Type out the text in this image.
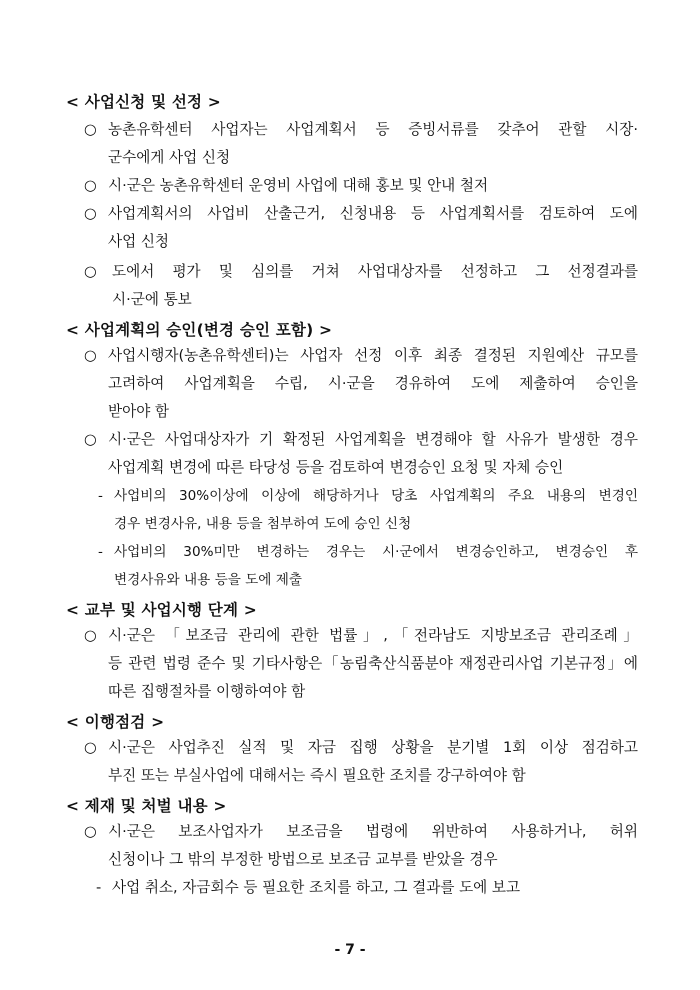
< 사업신청 및 선정 >
○ 농촌유학센터 사업자는 사업계획서 등 증빙서류를 갖추어 관할 시장·
군수에게 사업 신청
○ 시·군은 농촌유학센터 운영비 사업에 대해 홍보 및 안내 철저
○ 사업계획서의 사업비 산출근거, 신청내용 등 사업계획서를 검토하여 도에
사업 신청
○ 도에서 평가 및 심의를 거쳐 사업대상자를 선정하고 그 선정결과를
시·군에 통보
< 사업계획의 승인(변경 승인 포함) >
○ 사업시행자(농촌유학센터)는 사업자 선정 이후 최종 결정된 지원예산 규모를
고려하여 사업계획을 수립, 시·군을 경유하여 도에 제출하여 승인을
받아야 함
○ 시·군은 사업대상자가 기 확정된 사업계획을 변경해야 할 사유가 발생한 경우
사업계획 변경에 따른 타당성 등을 검토하여 변경승인 요청 및 자체 승인
- 사업비의 30%이상에 이상에 해당하거나 당초 사업계획의 주요 내용의 변경인
경우 변경사유, 내용 등을 첨부하여 도에 승인 신청
- 사업비의 30%미만 변경하는 경우는 시·군에서 변경승인하고, 변경승인 후
변경사유와 내용 등을 도에 제출
< 교부 및 사업시행 단계 >
○ 시·군은 「보조금 관리에 관한 법률」,「전라남도 지방보조금 관리조례」
등 관련 법령 준수 및 기타사항은「농림축산식품분야 재정관리사업 기본규정」에
따른 집행절차를 이행하여야 함
< 이행점검 >
○ 시·군은 사업추진 실적 및 자금 집행 상황을 분기별 1회 이상 점검하고
부진 또는 부실사업에 대해서는 즉시 필요한 조치를 강구하여야 함
< 제재 및 처벌 내용 >
○ 시·군은 보조사업자가 보조금을 법령에 위반하여 사용하거나, 허위
신청이나 그 밖의 부정한 방법으로 보조금 교부를 받았을 경우
- 사업 취소, 자금회수 등 필요한 조치를 하고, 그 결과를 도에 보고
- 7 -
